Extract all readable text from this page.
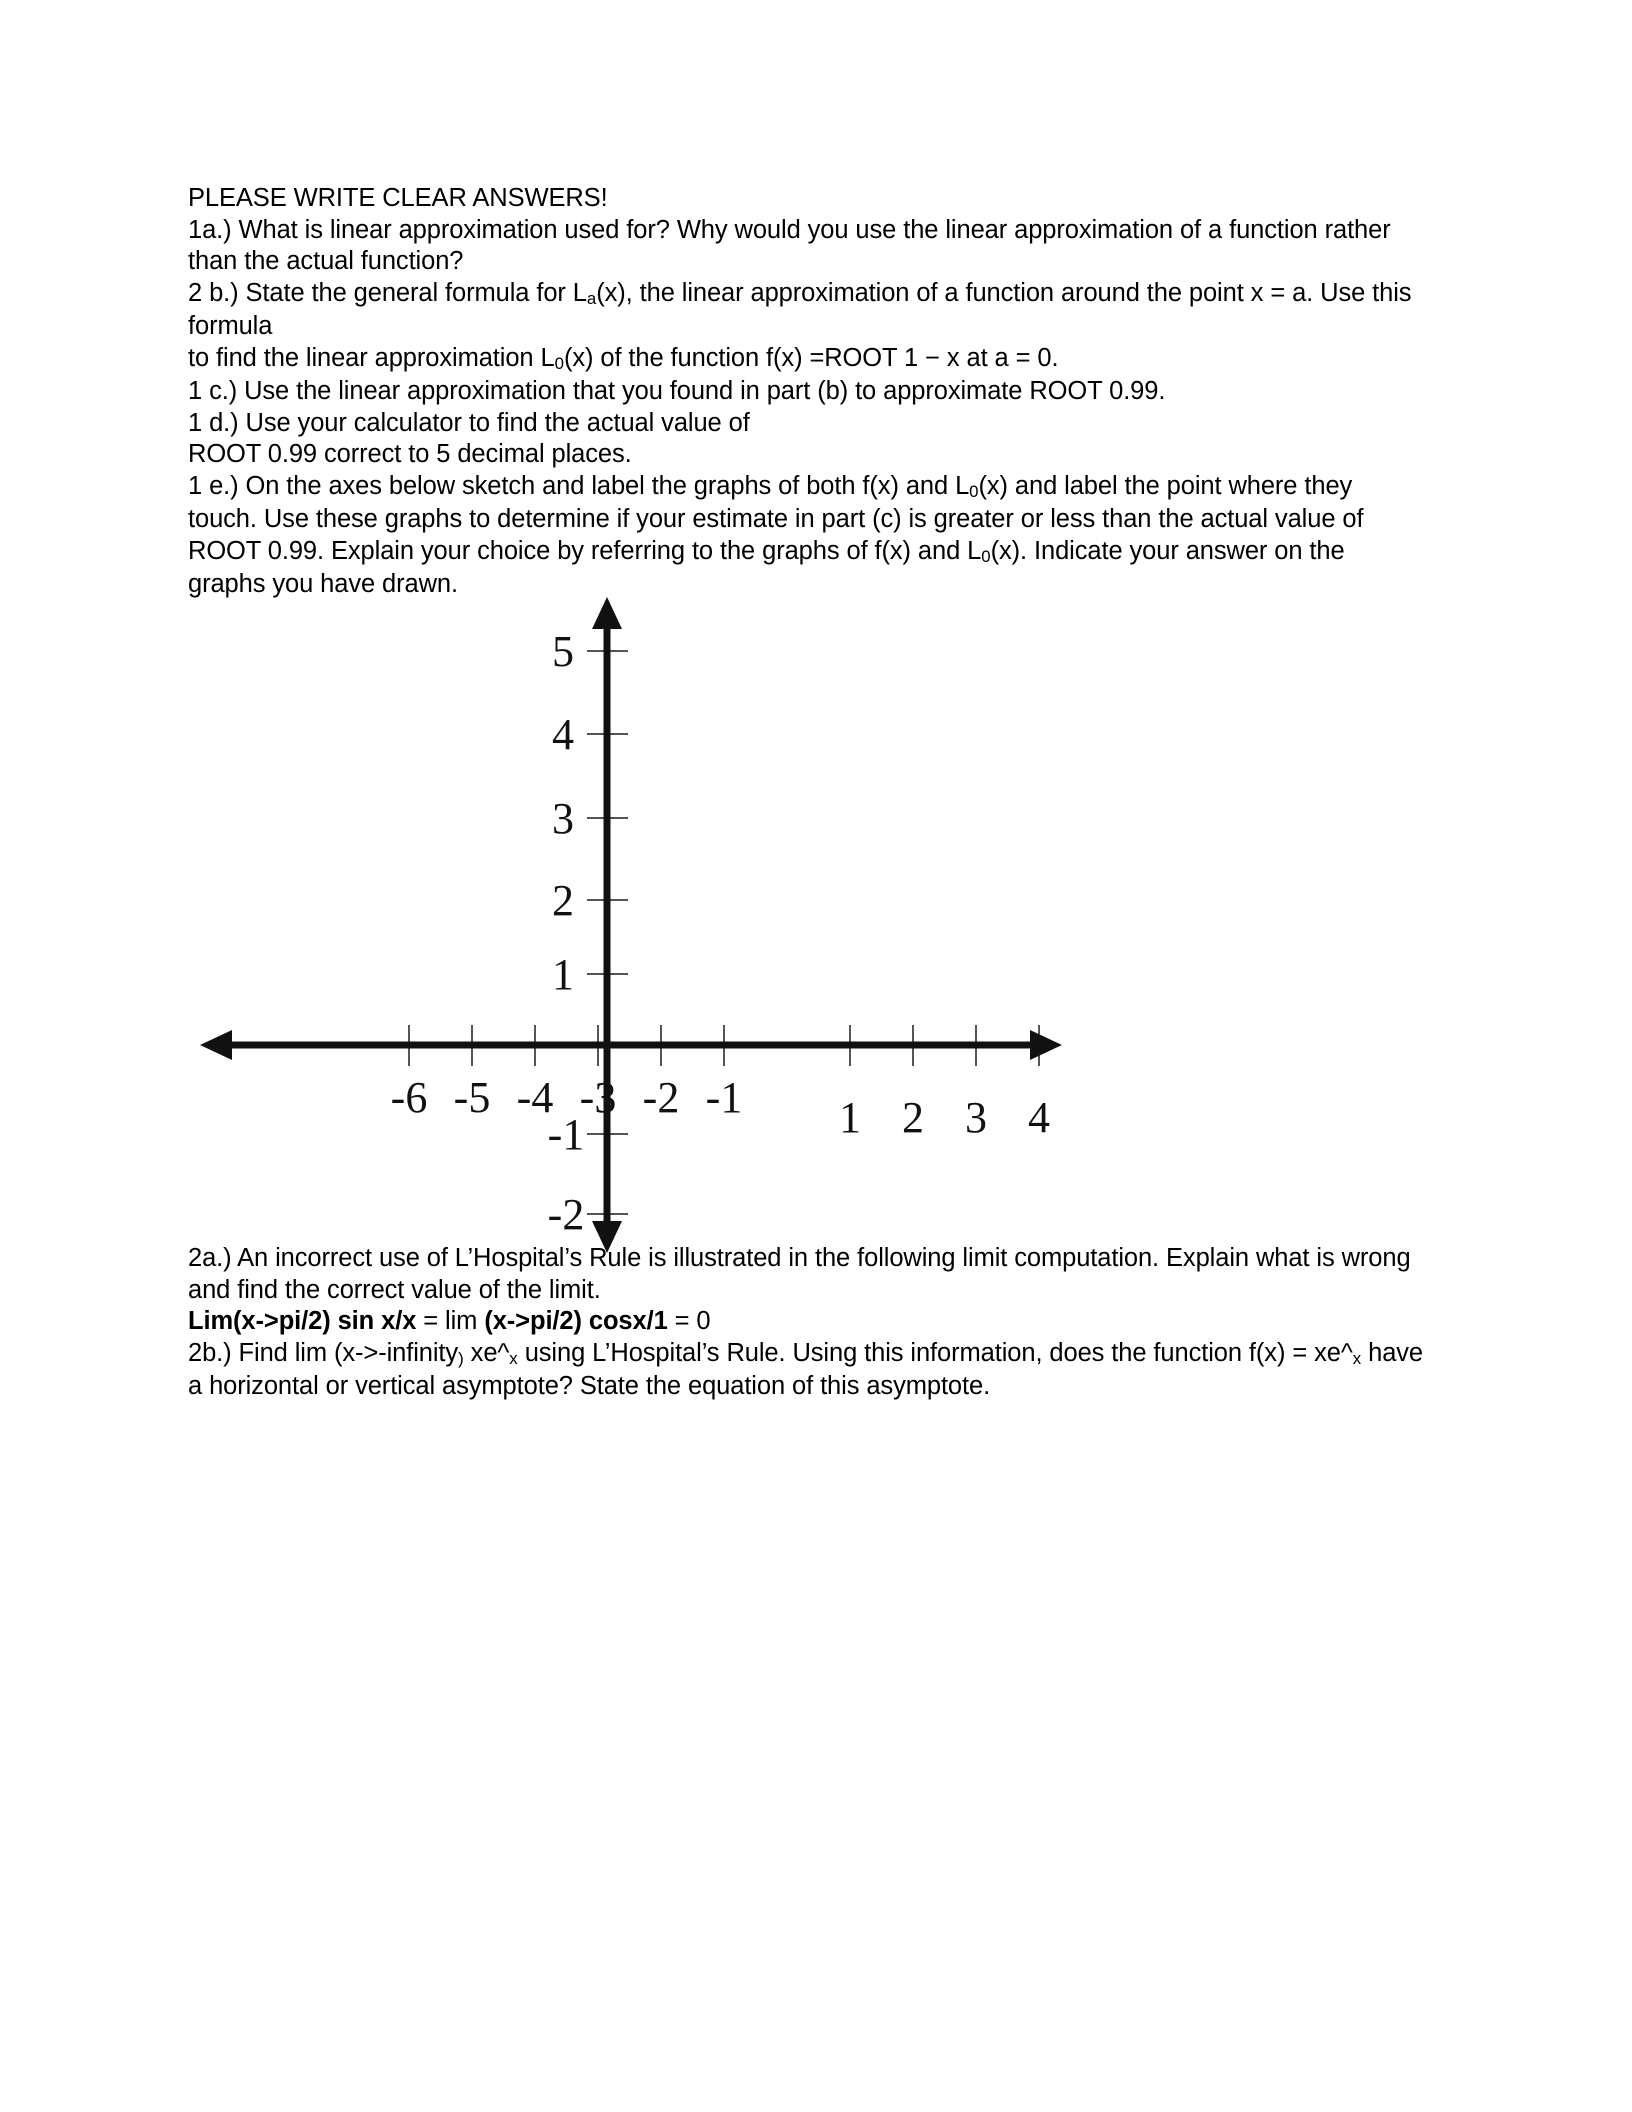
PLEASE WRITE CLEAR ANSWERS!
1a.) What is linear approximation used for? Why would you use the linear approximation of a function rather than the actual function?
2 b.) State the general formula for $L_a(x)$, the linear approximation of a function around the point x = a. Use this formula
to find the linear approximation $L_0(x)$ of the function f(x) =ROOT 1 − x at a = 0.
1 c.) Use the linear approximation that you found in part (b) to approximate ROOT 0.99.
1 d.) Use your calculator to find the actual value of
ROOT 0.99 correct to 5 decimal places.
1 e.) On the axes below sketch and label the graphs of both f(x) and $L_0(x)$ and label the point where they touch. Use these graphs to determine if your estimate in part (c) is greater or less than the actual value of ROOT 0.99. Explain your choice by referring to the graphs of f(x) and $L_0(x)$. Indicate your answer on the graphs you have drawn.

5
4
3
2
1
-1
-2
-6 -5 -4 -3 -2 -1 1 2 3 4

2a.) An incorrect use of L’Hospital’s Rule is illustrated in the following limit computation. Explain what is wrong and find the correct value of the limit.
Lim(x->pi/2) sin x/x = lim (x->pi/2) cosx/1 = 0
2b.) Find lim (x->-infinity$_)$ $xe\^{}_x$ using L’Hospital’s Rule. Using this information, does the function $f(x) = xe\^{}_x$ have a horizontal or vertical asymptote? State the equation of this asymptote.
